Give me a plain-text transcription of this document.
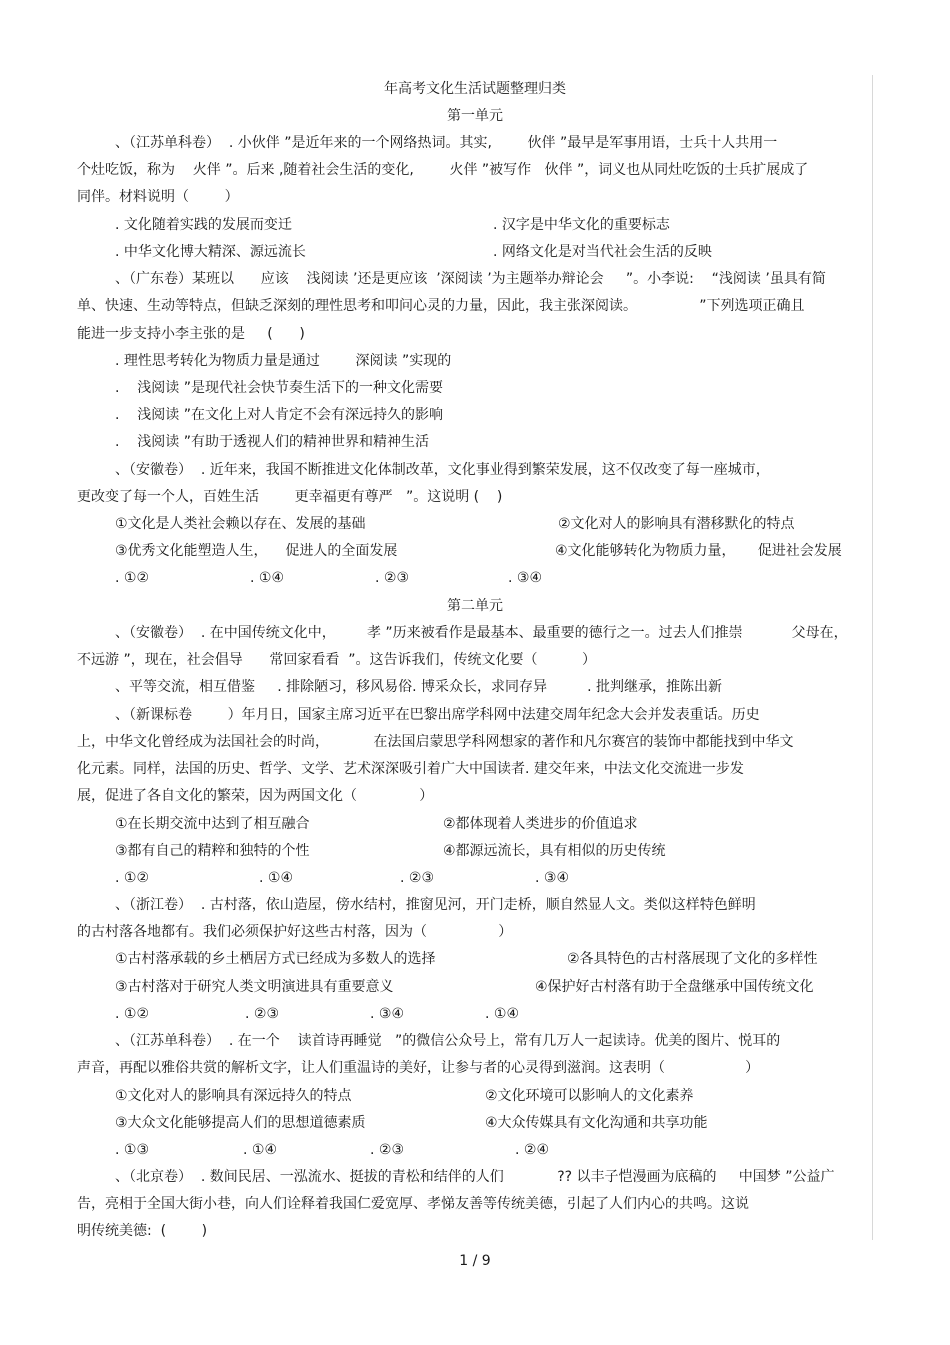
年高考文化生活试题整理归类
第一单元
、（江苏单科卷）  . 小伙伴 ”是近年来的一个网络热词。其实,        伙伴 ”最早是军事用语，士兵十人共用一
个灶吃饭，称为    火伴 ”。后来 ,随着社会生活的变化,        火伴 ”被写作   伙伴 ”，词义也从同灶吃饭的士兵扩展成了
同伴。材料说明（        ）
. 文化随着实践的发展而变迁	. 汉字是中华文化的重要标志
. 中华文化博大精深、源远流长	. 网络文化是对当代社会生活的反映
、（广东卷）某班以      应该    浅阅读 ’还是更应该  ’深阅读 ’为主题举办辩论会     ”。小李说:    “浅阅读 ’虽具有简
单、快速、生动等特点，但缺乏深刻的理性思考和叩问心灵的力量，因此，我主张深阅读。              ”下列选项正确且
能进一步支持小李主张的是     (      )
. 理性思考转化为物质力量是通过        深阅读 ”实现的
.    浅阅读 ”是现代社会快节奏生活下的一种文化需要
.    浅阅读 ”在文化上对人肯定不会有深远持久的影响
.    浅阅读 ”有助于透视人们的精神世界和精神生活
、（安徽卷）  . 近年来，我国不断推进文化体制改革，文化事业得到繁荣发展，这不仅改变了每一座城市，
更改变了每一个人，百姓生活        更幸福更有尊严   ”。这说明 (    )
①文化是人类社会赖以存在、发展的基础	②文化对人的影响具有潜移默化的特点
③优秀文化能塑造人生，    促进人的全面发展	④文化能够转化为物质力量，     促进社会发展
. ①②	. ①④	. ②③	. ③④
第二单元
、（安徽卷）  . 在中国传统文化中，       孝 ”历来被看作是最基本、最重要的德行之一。过去人们推崇           父母在，
不远游 ”，现在，社会倡导      常回家看看  ”。这告诉我们，传统文化要（          ）
、平等交流，相互借鉴     . 排除陋习，移风易俗. 博采众长，求同存异         . 批判继承，推陈出新
、（新课标卷        ）年月日，国家主席习近平在巴黎出席学科网中法建交周年纪念大会并发表重话。历史
上，中华文化曾经成为法国社会的时尚，          在法国启蒙思学科网想家的著作和凡尔赛宫的装饰中都能找到中华文
化元素。同样，法国的历史、哲学、文学、艺术深深吸引着广大中国读者. 建交年来，中法文化交流进一步发
展，促进了各自文化的繁荣，因为两国文化（              ）
①在长期交流中达到了相互融合	②都体现着人类进步的价值追求
③都有自己的精粹和独特的个性	④都源远流长，具有相似的历史传统
. ①②	. ①④	. ②③	. ③④
、（浙江卷）  . 古村落，依山造屋，傍水结村，推窗见河，开门走桥，顺自然显人文。类似这样特色鲜明
的古村落各地都有。我们必须保护好这些古村落，因为（                ）
①古村落承载的乡土栖居方式已经成为多数人的选择	②各具特色的古村落展现了文化的多样性
③古村落对于研究人类文明演进具有重要意义	④保护好古村落有助于全盘继承中国传统文化
. ①②	. ②③	. ③④	. ①④
、（江苏单科卷）  . 在一个    读首诗再睡觉   ”的微信公众号上，常有几万人一起读诗。优美的图片、悦耳的
声音，再配以雅俗共赏的解析文字，让人们重温诗的美好，让参与者的心灵得到滋润。这表明（                  ）
①文化对人的影响具有深远持久的特点	②文化环境可以影响人的文化素养
③大众文化能够提高人们的思想道德素质	④大众传媒具有文化沟通和共享功能
. ①③	. ①④	. ②③	. ②④
、（北京卷）  . 数间民居、一泓流水、挺拔的青松和结伴的人们            ?? 以丰子恺漫画为底稿的     中国梦 ”公益广
告，亮相于全国大街小巷，向人们诠释着我国仁爱宽厚、孝悌友善等传统美德，引起了人们内心的共鸣。这说
明传统美德:  (        )
1 / 9
